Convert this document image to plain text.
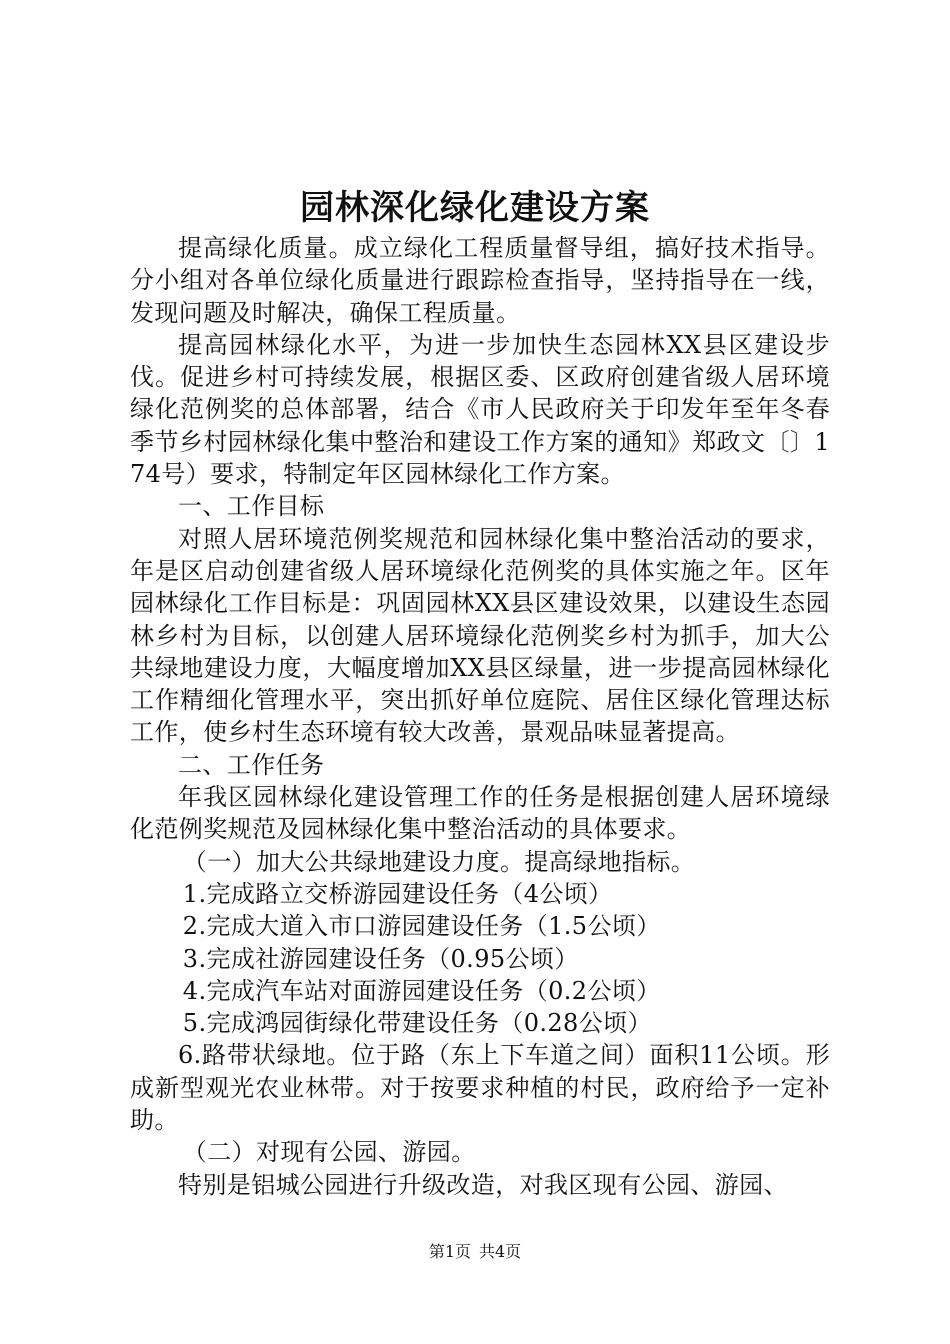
园林深化绿化建设方案

提高绿化质量。成立绿化工程质量督导组，搞好技术指导。分小组对各单位绿化质量进行跟踪检查指导，坚持指导在一线，发现问题及时解决，确保工程质量。

提高园林绿化水平，为进一步加快生态园林XX县区建设步伐。促进乡村可持续发展，根据区委、区政府创建省级人居环境绿化范例奖的总体部署，结合《市人民政府关于印发年至年冬春季节乡村园林绿化集中整治和建设工作方案的通知》郑政文〔〕174号）要求，特制定年区园林绿化工作方案。

一、工作目标

对照人居环境范例奖规范和园林绿化集中整治活动的要求，年是区启动创建省级人居环境绿化范例奖的具体实施之年。区年园林绿化工作目标是：巩固园林XX县区建设效果，以建设生态园林乡村为目标，以创建人居环境绿化范例奖乡村为抓手，加大公共绿地建设力度，大幅度增加XX县区绿量，进一步提高园林绿化工作精细化管理水平，突出抓好单位庭院、居住区绿化管理达标工作，使乡村生态环境有较大改善，景观品味显著提高。

二、工作任务

年我区园林绿化建设管理工作的任务是根据创建人居环境绿化范例奖规范及园林绿化集中整治活动的具体要求。

（一）加大公共绿地建设力度。提高绿地指标。

1.完成路立交桥游园建设任务（4公顷）

2.完成大道入市口游园建设任务（1.5公顷）

3.完成社游园建设任务（0.95公顷）

4.完成汽车站对面游园建设任务（0.2公顷）

5.完成鸿园街绿化带建设任务（0.28公顷）

6.路带状绿地。位于路（东上下车道之间）面积11公顷。形成新型观光农业林带。对于按要求种植的村民，政府给予一定补助。

（二）对现有公园、游园。

特别是铝城公园进行升级改造，对我区现有公园、游园、

第1页 共4页
